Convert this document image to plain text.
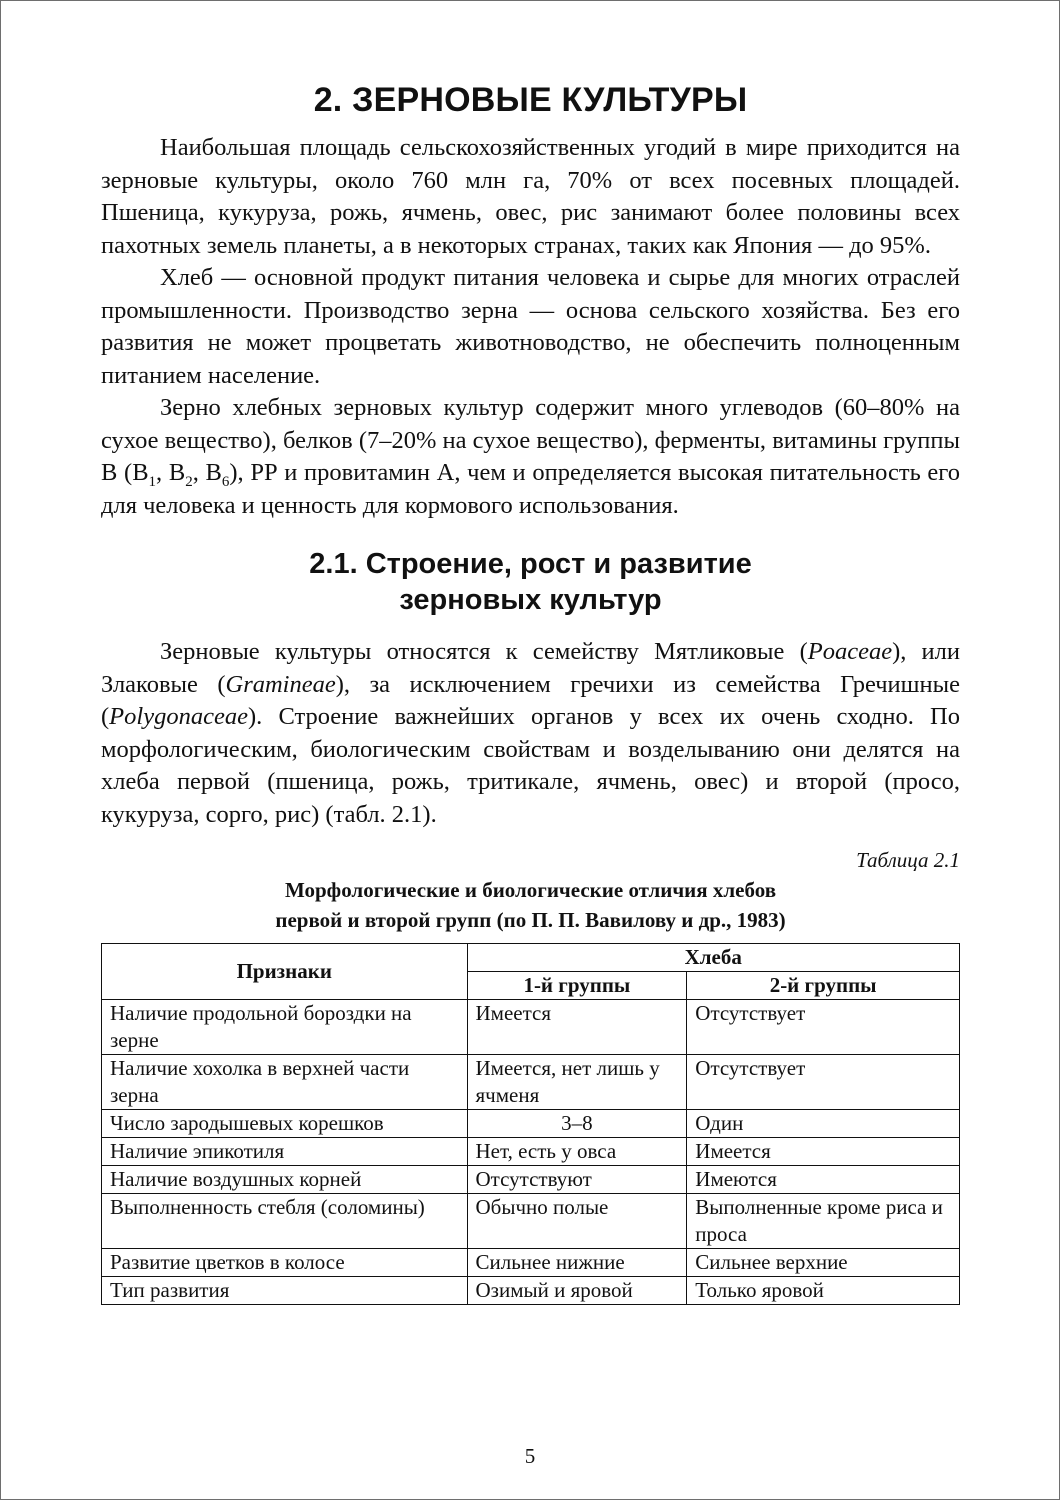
2. ЗЕРНОВЫЕ КУЛЬТУРЫ

Наибольшая площадь сельскохозяйственных угодий в мире приходится на зерновые культуры, около 760 млн га, 70% от всех посевных площадей. Пшеница, кукуруза, рожь, ячмень, овес, рис занимают более половины всех пахотных земель планеты, а в некоторых странах, таких как Япония — до 95%.

Хлеб — основной продукт питания человека и сырье для многих отраслей промышленности. Производство зерна — основа сельского хозяйства. Без его развития не может процветать животноводство, не обеспечить полноценным питанием население.

Зерно хлебных зерновых культур содержит много углеводов (60–80% на сухое вещество), белков (7–20% на сухое вещество), ферменты, витамины группы В ($В_1$, $В_2$, $В_6$), РР и провитамин А, чем и определяется высокая питательность его для человека и ценность для кормового использования.

2.1. Строение, рост и развитие
зерновых культур

Зерновые культуры относятся к семейству Мятликовые (Poaceae), или Злаковые (Gramineae), за исключением гречихи из семейства Гречишные (Polygonaceae). Строение важнейших органов у всех их очень сходно. По морфологическим, биологическим свойствам и возделыванию они делятся на хлеба первой (пшеница, рожь, тритикале, ячмень, овес) и второй (просо, кукуруза, сорго, рис) (табл. 2.1).

Таблица 2.1
Морфологические и биологические отличия хлебов
первой и второй групп (по П. П. Вавилову и др., 1983)
Признаки	Хлеба	
	1-й группы	2-й группы
Наличие продольной бороздки на зерне	Имеется	Отсутствует
Наличие хохолка в верхней части зерна	Имеется, нет лишь у ячменя	Отсутствует
Число зародышевых корешков	3–8	Один
Наличие эпикотиля	Нет, есть у овса	Имеется
Наличие воздушных корней	Отсутствуют	Имеются
Выполненность стебля (соломины)	Обычно полые	Выполненные кроме риса и проса
Развитие цветков в колосе	Сильнее нижние	Сильнее верхние
Тип развития	Озимый и яровой	Только яровой
5
